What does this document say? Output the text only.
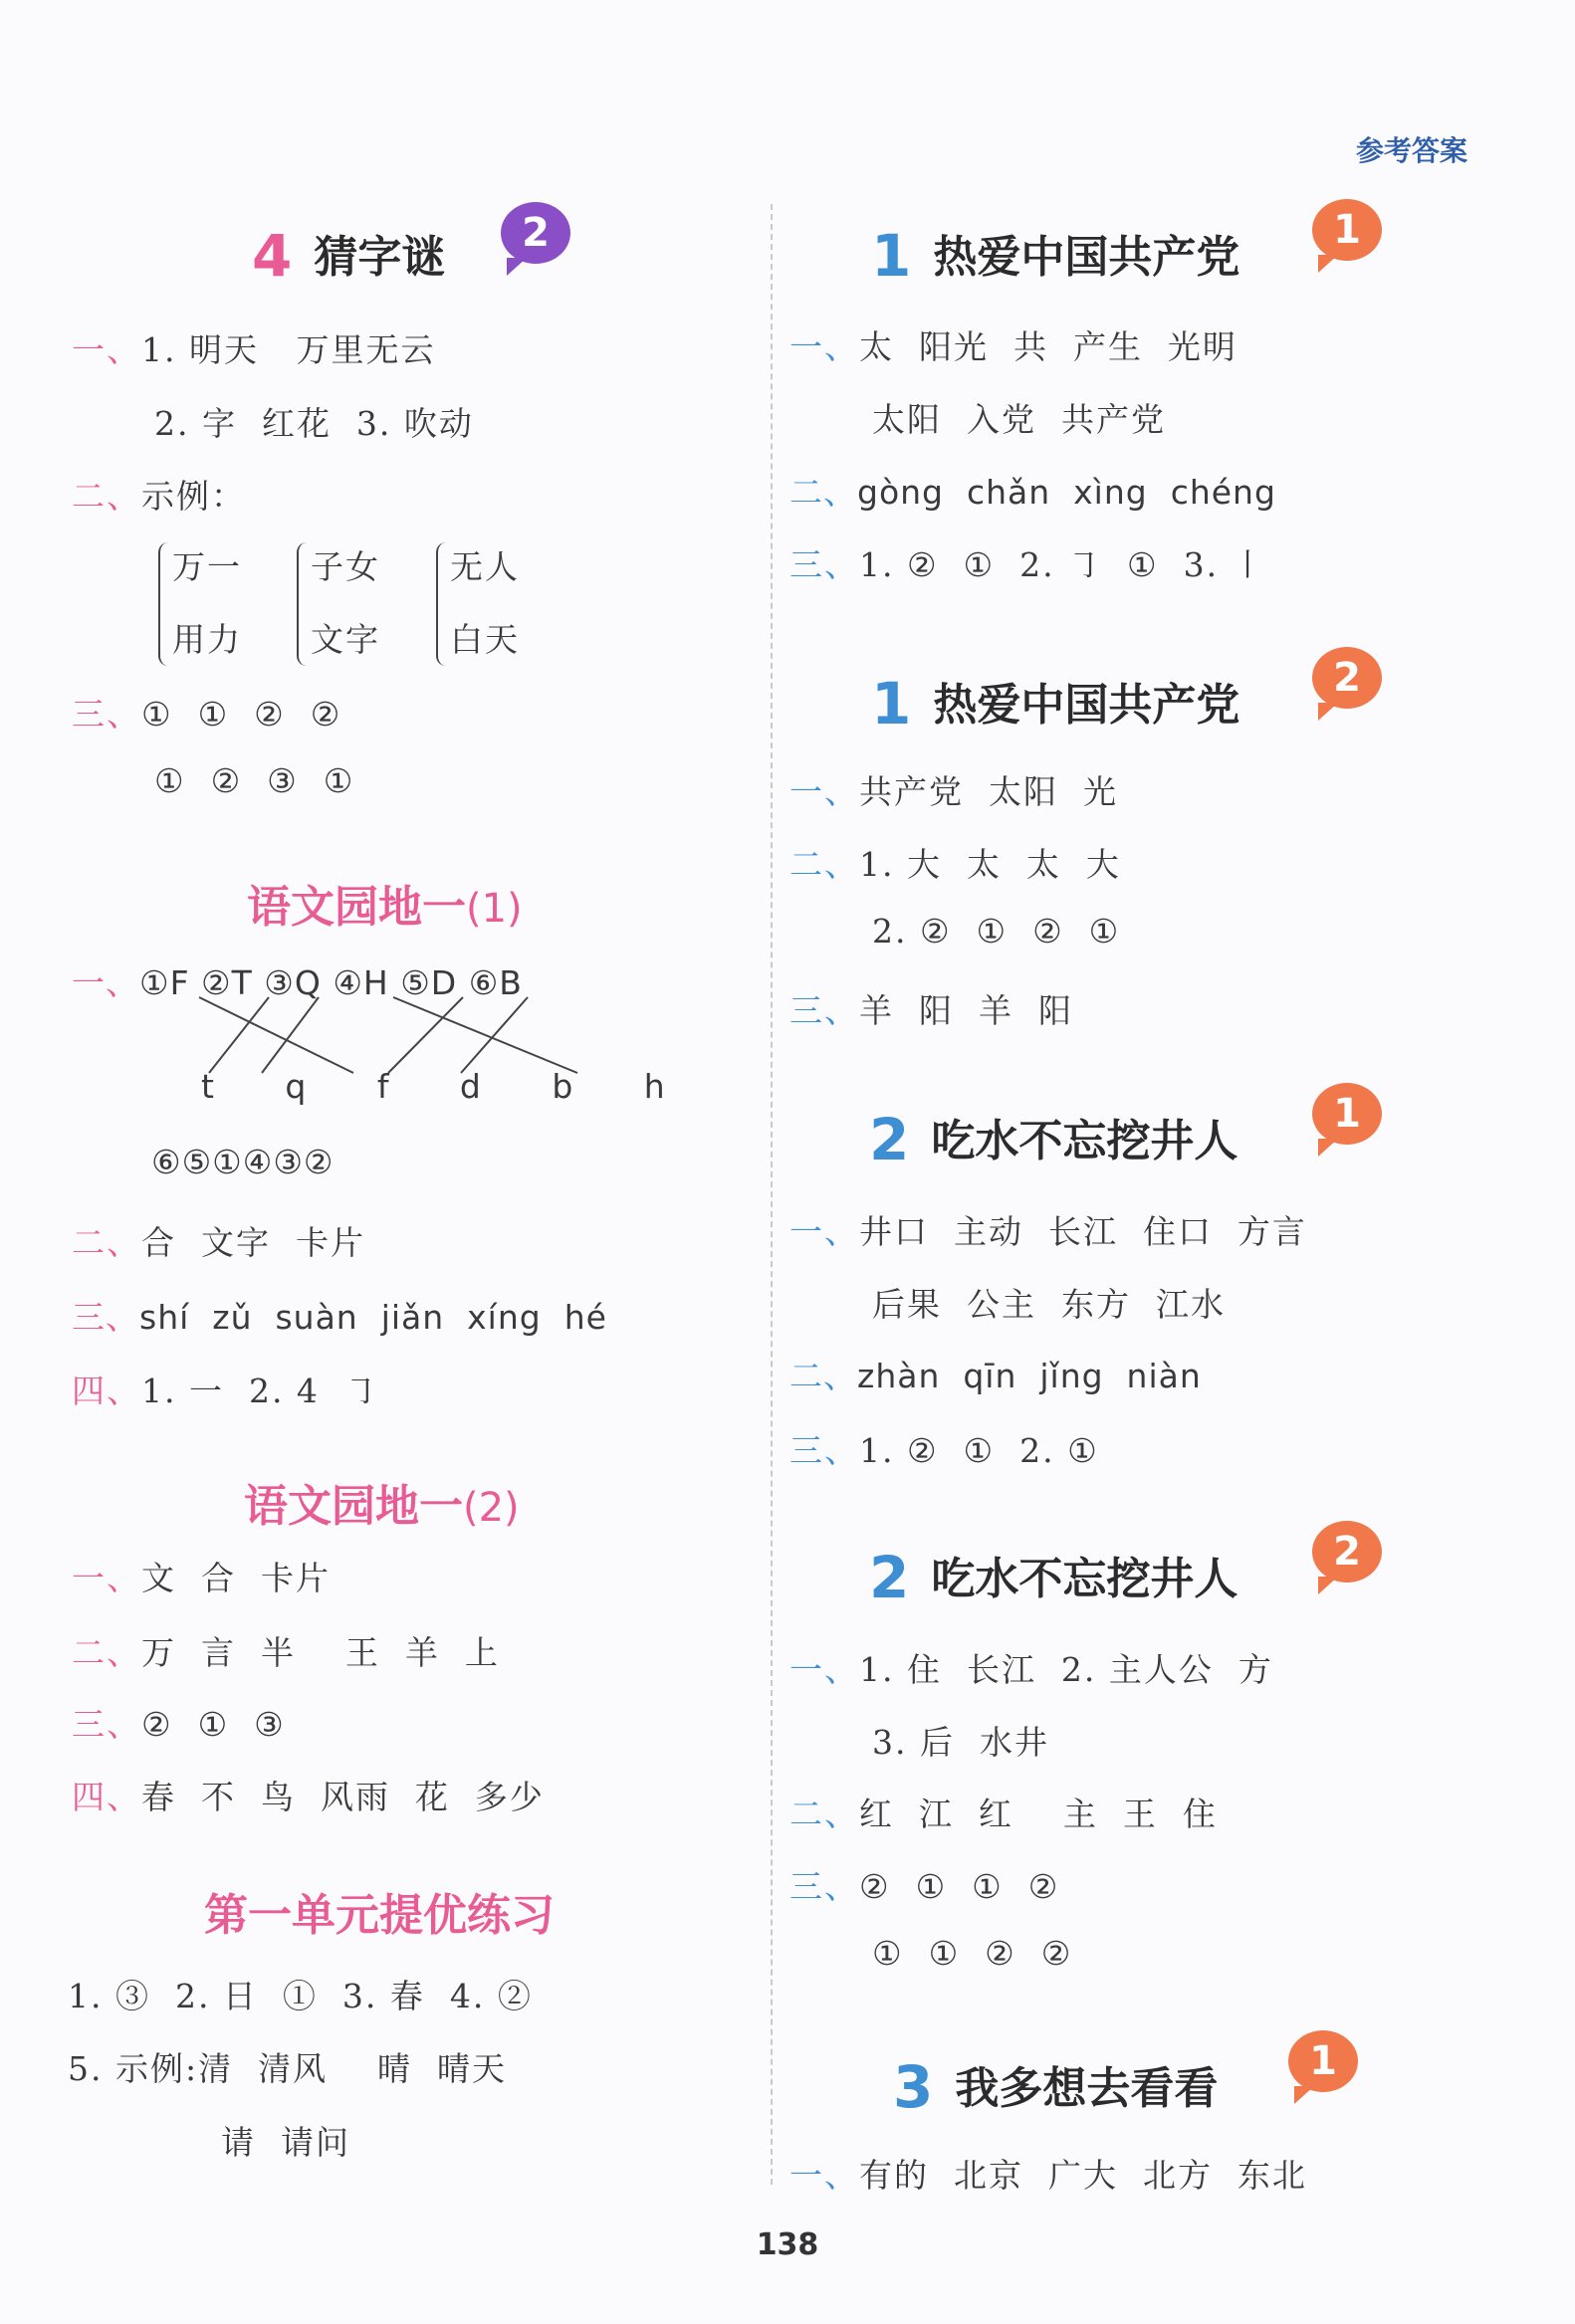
参考答案
4 猜字谜	2
一、1. 明天   万里无云
2. 字  红花  3. 吹动
二、示例：
万一
用力
子女
文字
无人
白天
三、①  ①  ②  ②
①  ②  ③  ①
语文园地一(1)
一、①F ②T ③Q ④H ⑤D ⑥B
t   q   f   d   b   h
⑥⑤①④③②
二、合  文字  卡片
三、shí  zǔ  suàn  jiǎn  xíng  hé
四、1. 一  2. 4  ㇆
语文园地一(2)
一、文  合  卡片
二、万  言  半    王  羊  上
三、②  ①  ③
四、春  不  鸟  风雨  花  多少
第一单元提优练习
1. ③  2. 日  ①  3. 春  4. ②
5. 示例:清  清风    晴  晴天
请  请问
1 热爱中国共产党
1
一、太  阳光  共  产生  光明
太阳  入党  共产党
二、gòng  chǎn  xìng  chéng
三、1. ②  ①  2. ㇆  ①  3. ㇑
1 热爱中国共产党
2
一、共产党  太阳  光
二、1. 大  太  太  大
2. ②  ①  ②  ①
三、羊  阳  羊  阳
2 吃水不忘挖井人
1
一、井口  主动  长江  住口  方言
后果  公主  东方  江水
二、zhàn  qīn  jǐng  niàn
三、1. ②  ①  2. ①
2 吃水不忘挖井人
2
一、1. 住  长江  2. 主人公  方
3. 后  水井
二、红  江  红    主  王  住
三、②  ①  ①  ②
①  ①  ②  ②
3 我多想去看看
1
一、有的  北京  广大  北方  东北
138
